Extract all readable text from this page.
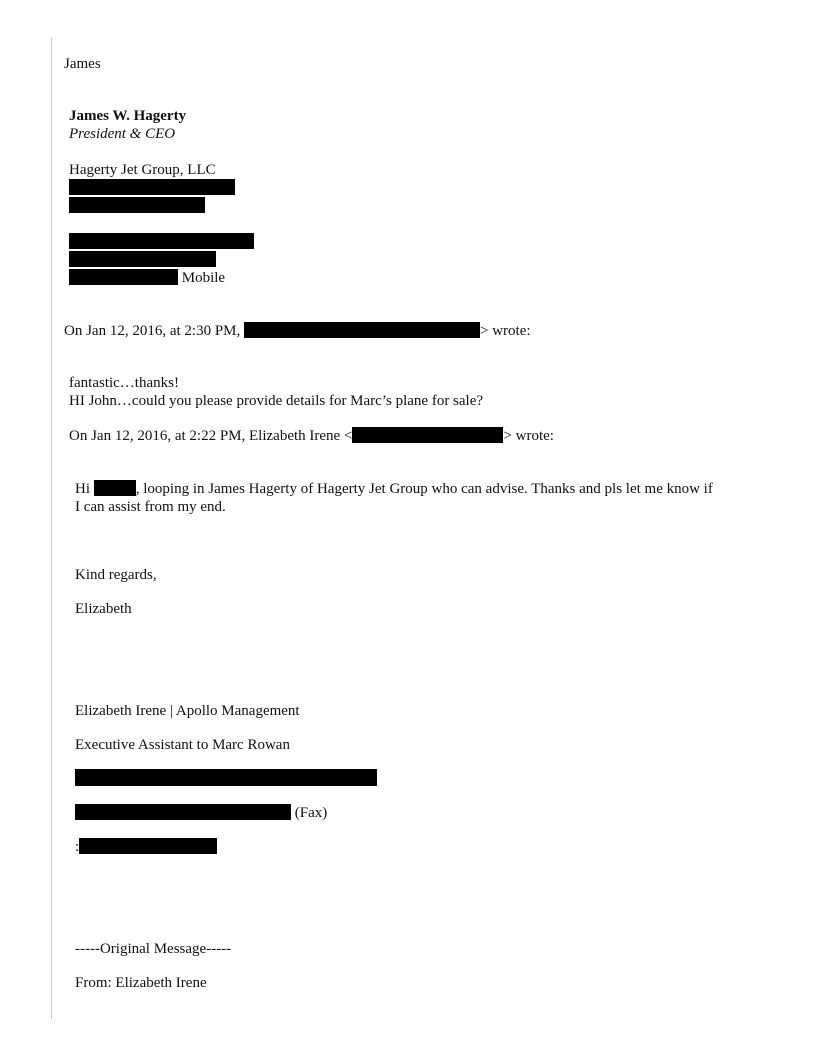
James
James W. Hagerty
President & CEO
Hagerty Jet Group, LLC
Mobile
On Jan 12, 2016, at 2:30 PM,	> wrote:
fantastic…thanks!
HI John…could you please provide details for Marc’s plane for sale?
On Jan 12, 2016, at 2:22 PM, Elizabeth Irene <	> wrote:
Hi	, looping in James Hagerty of Hagerty Jet Group who can advise. Thanks and pls let me know if
I can assist from my end.
Kind regards,
Elizabeth
Elizabeth Irene | Apollo Management
Executive Assistant to Marc Rowan
(Fax)
:
-----Original Message-----
From: Elizabeth Irene
